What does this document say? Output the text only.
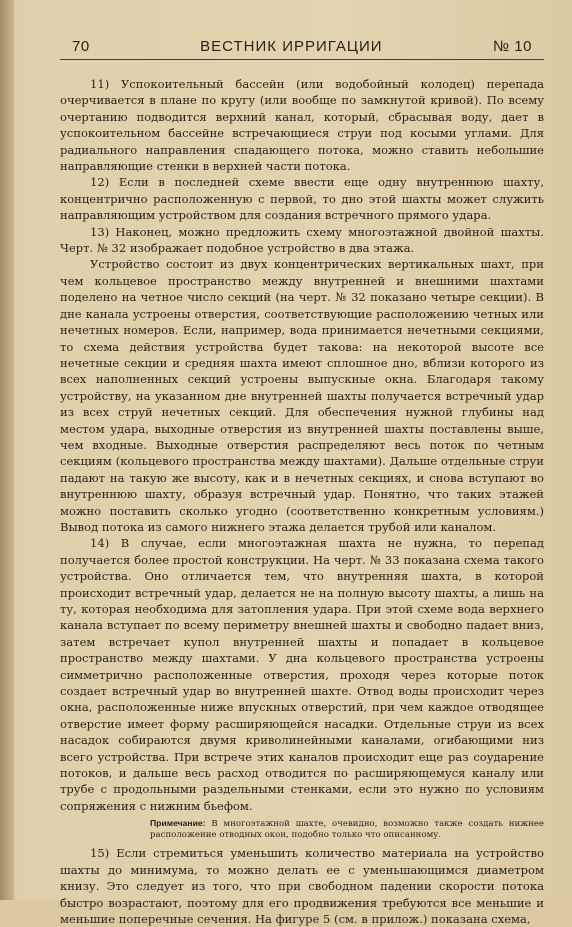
70	ВЕСТНИК ИРРИГАЦИИ	№ 10

11) Успокоительный бассейн (или водобойный колодец) перепада очерчивается в плане по кругу (или вообще по замкнутой кривой). По всему очертанию подводится верхний канал, который, сбрасывая воду, дает в успокоительном бассейне встречающиеся струи под косыми углами. Для радиального направления спадающего потока, можно ставить небольшие направляющие стенки в верхней части потока.

12) Если в последней схеме ввести еще одну внутреннюю шахту, концентрично расположенную с первой, то дно этой шахты может служить направляющим устройством для создания встречного прямого удара.

13) Наконец, можно предложить схему многоэтажной двойной шахты. Черт. № 32 изображает подобное устройство в два этажа.

Устройство состоит из двух концентрических вертикальных шахт, при чем кольцевое пространство между внутренней и внешними шахтами поделено на четное число секций (на черт. № 32 показано четыре секции). В дне канала устроены отверстия, соответствующие расположению четных или нечетных номеров. Если, например, вода принимается нечетными секциями, то схема действия устройства будет такова: на некоторой высоте все нечетные секции и средняя шахта имеют сплошное дно, вблизи которого из всех наполненных секций устроены выпускные окна. Благодаря такому устройству, на указанном дне внутренней шахты получается встречный удар из всех струй нечетных секций. Для обеспечения нужной глубины над местом удара, выходные отверстия из внутренней шахты поставлены выше, чем входные. Выходные отверстия распределяют весь поток по четным секциям (кольцевого пространства между шахтами). Дальше отдельные струи падают на такую же высоту, как и в нечетных секциях, и снова вступают во внутреннюю шахту, образуя встречный удар. Понятно, что таких этажей можно поставить сколько угодно (соответственно конкретным условиям.) Вывод потока из самого нижнего этажа делается трубой или каналом.

14) В случае, если многоэтажная шахта не нужна, то перепад получается более простой конструкции. На черт. № 33 показана схема такого устройства. Оно отличается тем, что внутренняя шахта, в которой происходит встречный удар, делается не на полную высоту шахты, а лишь на ту, которая необходима для затопления удара. При этой схеме вода верхнего канала вступает по всему периметру внешней шахты и свободно падает вниз, затем встречает купол внутренней шахты и попадает в кольцевое пространство между шахтами. У дна кольцевого пространства устроены симметрично расположенные отверстия, проходя через которые поток создает встречный удар во внутренней шахте. Отвод воды происходит через окна, расположенные ниже впускных отверстий, при чем каждое отводящее отверстие имеет форму расширяющейся насадки. Отдельные струи из всех насадок собираются двумя криволинейными каналами, огибающими низ всего устройства. При встрече этих каналов происходит еще раз соударение потоков, и дальше весь расход отводится по расширяющемуся каналу или трубе с продольными раздельными стенками, если это нужно по условиям сопряжения с нижним бьефом.

Примечание: В многоэтажной шахте, очевидно, возможно также создать нижнее расположение отводных окон, подобно только что описанному.

15) Если стремиться уменьшить количество материала на устройство шахты до минимума, то можно делать ее с уменьшающимся диаметром книзу. Это следует из того, что при свободном падении скорости потока быстро возрастают, поэтому для его продвижения требуются все меньшие и меньшие поперечные сечения. На фигуре 5 (см. в прилож.) показана схема,
